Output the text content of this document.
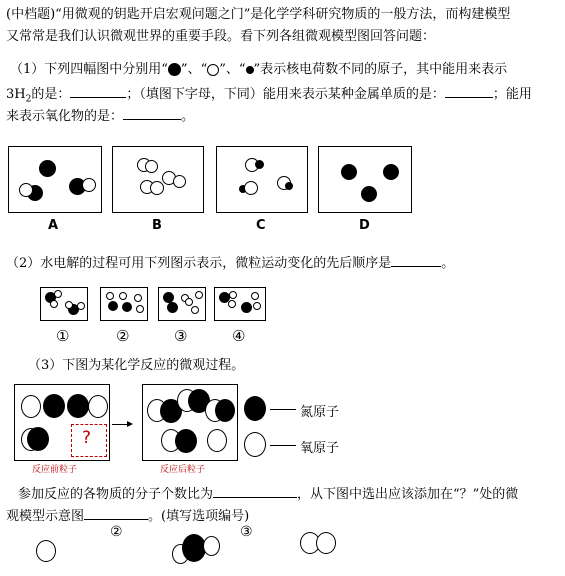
(中档题)“用微观的钥匙开启宏观问题之门”是化学学科研究物质的一般方法，而构建模型
又常常是我们认识微观世界的重要手段。看下列各组微观模型图回答问题：
（1）下列四幅图中分别用“ ”、“ ”、“ ”表示核电荷数不同的原子，其中能用来表示
$3H_2$的是：	；（填图下字母，下同）能用来表示某种金属单质的是：	；能用
来表示氧化物的是：	。
A	B	C	D
（2）水电解的过程可用下列图示表示，微粒运动变化的先后顺序是	。
①	②	③	④
（3）下图为某化学反应的微观过程。
?
反应前粒子	反应后粒子
氮原子
氧原子
参加反应的各物质的分子个数比为	，从下图中选出应该添加在“？”处的微
观模型示意图	。(填写选项编号)
②	③
